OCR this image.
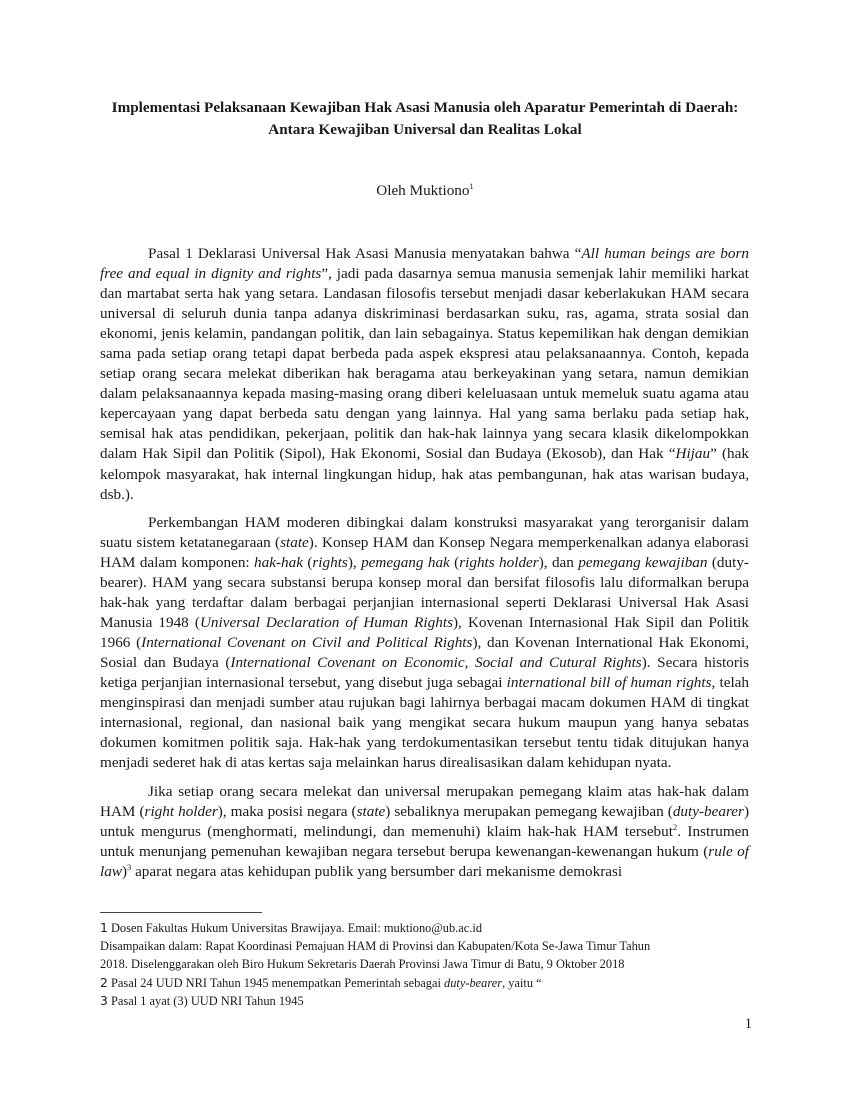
Implementasi Pelaksanaan Kewajiban Hak Asasi Manusia oleh Aparatur Pemerintah di Daerah:
Antara Kewajiban Universal dan Realitas Lokal
Oleh Muktiono$^1$

Pasal 1 Deklarasi Universal Hak Asasi Manusia menyatakan bahwa “All human beings are born free and equal in dignity and rights”, jadi pada dasarnya semua manusia semenjak lahir memiliki harkat dan martabat serta hak yang setara. Landasan filosofis tersebut menjadi dasar keberlakukan HAM secara universal di seluruh dunia tanpa adanya diskriminasi berdasarkan suku, ras, agama, strata sosial dan ekonomi, jenis kelamin, pandangan politik, dan lain sebagainya. Status kepemilikan hak dengan demikian sama pada setiap orang tetapi dapat berbeda pada aspek ekspresi atau pelaksanaannya. Contoh, kepada setiap orang secara melekat diberikan hak beragama atau berkeyakinan yang setara, namun demikian dalam pelaksanaannya kepada masing-masing orang diberi keleluasaan untuk memeluk suatu agama atau kepercayaan yang dapat berbeda satu dengan yang lainnya. Hal yang sama berlaku pada setiap hak, semisal hak atas pendidikan, pekerjaan, politik dan hak-hak lainnya yang secara klasik dikelompokkan dalam Hak Sipil dan Politik (Sipol), Hak Ekonomi, Sosial dan Budaya (Ekosob), dan Hak “Hijau” (hak kelompok masyarakat, hak internal lingkungan hidup, hak atas pembangunan, hak atas warisan budaya, dsb.).

Perkembangan HAM moderen dibingkai dalam konstruksi masyarakat yang terorganisir dalam suatu sistem ketatanegaraan (state). Konsep HAM dan Konsep Negara memperkenalkan adanya elaborasi HAM dalam komponen: hak-hak (rights), pemegang hak (rights holder), dan pemegang kewajiban (duty-bearer). HAM yang secara substansi berupa konsep moral dan bersifat filosofis lalu diformalkan berupa hak-hak yang terdaftar dalam berbagai perjanjian internasional seperti Deklarasi Universal Hak Asasi Manusia 1948 (Universal Declaration of Human Rights), Kovenan Internasional Hak Sipil dan Politik 1966 (International Covenant on Civil and Political Rights), dan Kovenan International Hak Ekonomi, Sosial dan Budaya (International Covenant on Economic, Social and Cutural Rights). Secara historis ketiga perjanjian internasional tersebut, yang disebut juga sebagai international bill of human rights, telah menginspirasi dan menjadi sumber atau rujukan bagi lahirnya berbagai macam dokumen HAM di tingkat internasional, regional, dan nasional baik yang mengikat secara hukum maupun yang hanya sebatas dokumen komitmen politik saja. Hak-hak yang terdokumentasikan tersebut tentu tidak ditujukan hanya menjadi sederet hak di atas kertas saja melainkan harus direalisasikan dalam kehidupan nyata.

Jika setiap orang secara melekat dan universal merupakan pemegang klaim atas hak-hak dalam HAM (right holder), maka posisi negara (state) sebaliknya merupakan pemegang kewajiban (duty-bearer) untuk mengurus (menghormati, melindungi, dan memenuhi) klaim hak-hak HAM tersebut$^2$. Instrumen untuk menunjang pemenuhan kewajiban negara tersebut berupa kewenangan-kewenangan hukum (rule of law)$^3$ aparat negara atas kehidupan publik yang bersumber dari mekanisme demokrasi

1 Dosen Fakultas Hukum Universitas Brawijaya. Email: muktiono@ub.ac.id
Disampaikan dalam: Rapat Koordinasi Pemajuan HAM di Provinsi dan Kabupaten/Kota Se-Jawa Timur Tahun
2018. Diselenggarakan oleh Biro Hukum Sekretaris Daerah Provinsi Jawa Timur di Batu, 9 Oktober 2018
2 Pasal 24 UUD NRI Tahun 1945 menempatkan Pemerintah sebagai duty-bearer, yaitu “
3 Pasal 1 ayat (3) UUD NRI Tahun 1945
1
